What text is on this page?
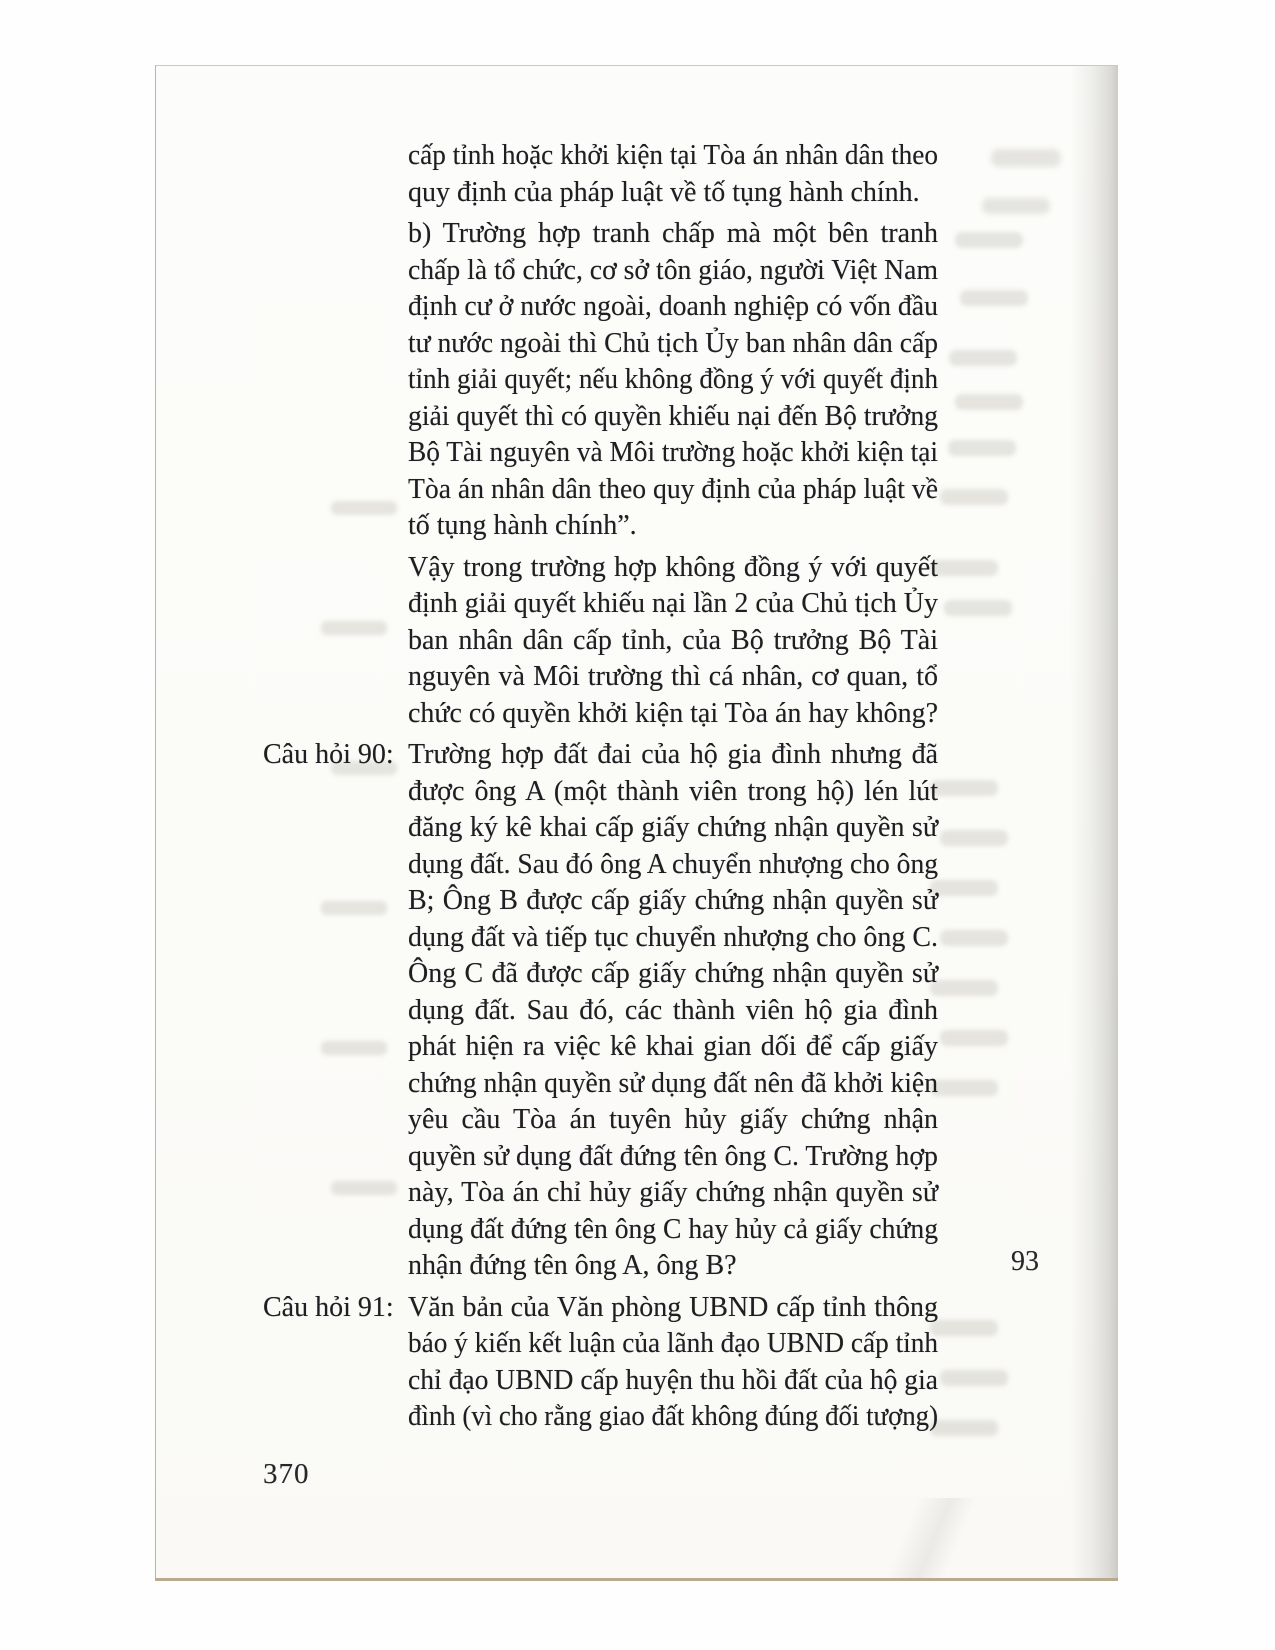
cấp tỉnh hoặc khởi kiện tại Tòa án nhân dân theo
quy định của pháp luật về tố tụng hành chính.
b) Trường hợp tranh chấp mà một bên tranh
chấp là tổ chức, cơ sở tôn giáo, người Việt Nam
định cư ở nước ngoài, doanh nghiệp có vốn đầu
tư nước ngoài thì Chủ tịch Ủy ban nhân dân cấp
tỉnh giải quyết; nếu không đồng ý với quyết định
giải quyết thì có quyền khiếu nại đến Bộ trưởng
Bộ Tài nguyên và Môi trường hoặc khởi kiện tại
Tòa án nhân dân theo quy định của pháp luật về
tố tụng hành chính”.
Vậy trong trường hợp không đồng ý với quyết
định giải quyết khiếu nại lần 2 của Chủ tịch Ủy
ban nhân dân cấp tỉnh, của Bộ trưởng Bộ Tài
nguyên và Môi trường thì cá nhân, cơ quan, tổ
chức có quyền khởi kiện tại Tòa án hay không?
Câu hỏi 90: Trường hợp đất đai của hộ gia đình nhưng đã
được ông A (một thành viên trong hộ) lén lút
đăng ký kê khai cấp giấy chứng nhận quyền sử
dụng đất. Sau đó ông A chuyển nhượng cho ông
B; Ông B được cấp giấy chứng nhận quyền sử
dụng đất và tiếp tục chuyển nhượng cho ông C.
Ông C đã được cấp giấy chứng nhận quyền sử
dụng đất. Sau đó, các thành viên hộ gia đình
phát hiện ra việc kê khai gian dối để cấp giấy
chứng nhận quyền sử dụng đất nên đã khởi kiện
yêu cầu Tòa án tuyên hủy giấy chứng nhận
quyền sử dụng đất đứng tên ông C. Trường hợp
này, Tòa án chỉ hủy giấy chứng nhận quyền sử
dụng đất đứng tên ông C hay hủy cả giấy chứng
nhận đứng tên ông A, ông B?
Câu hỏi 91: Văn bản của Văn phòng UBND cấp tỉnh thông
báo ý kiến kết luận của lãnh đạo UBND cấp tỉnh
chỉ đạo UBND cấp huyện thu hồi đất của hộ gia
đình (vì cho rằng giao đất không đúng đối tượng)
93
370
